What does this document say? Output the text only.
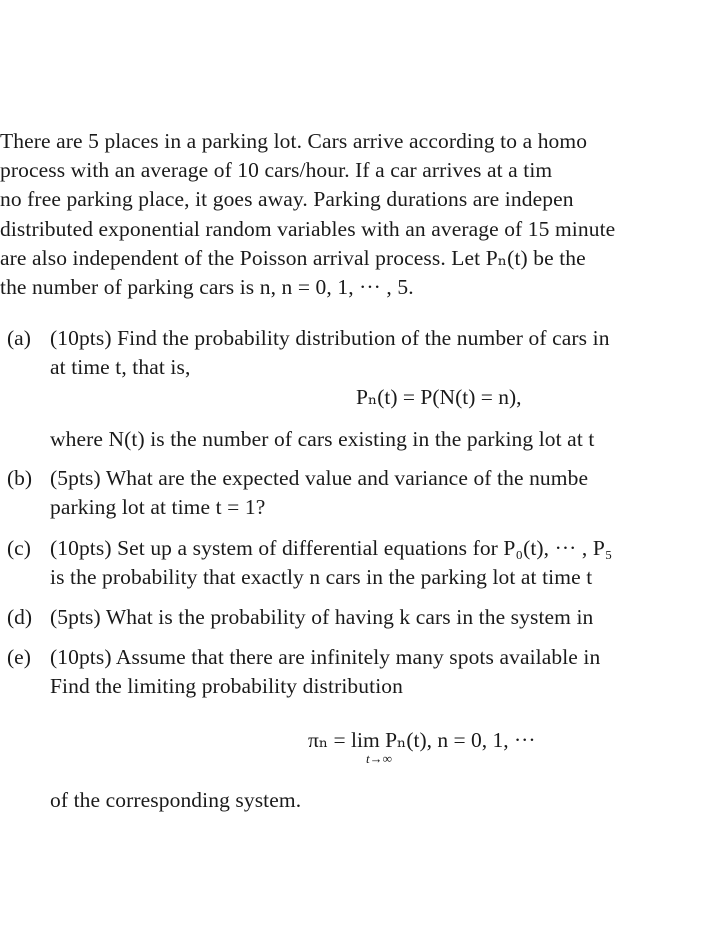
There are 5 places in a parking lot. Cars arrive according to a homo
process with an average of 10 cars/hour. If a car arrives at a tim
no free parking place, it goes away. Parking durations are indepen
distributed exponential random variables with an average of 15 minute
are also independent of the Poisson arrival process. Let Pₙ(t) be the
the number of parking cars is n, n = 0, 1, ··· , 5.
(a) (10pts) Find the probability distribution of the number of cars in
at time t, that is,
Pₙ(t) = P(N(t) = n),
where N(t) is the number of cars existing in the parking lot at t
(b) (5pts) What are the expected value and variance of the numbe
parking lot at time t = 1?
(c) (10pts) Set up a system of differential equations for P₀(t), ··· , P₅
is the probability that exactly n cars in the parking lot at time t
(d) (5pts) What is the probability of having k cars in the system in
(e) (10pts) Assume that there are infinitely many spots available in
Find the limiting probability distribution
πₙ = lim Pₙ(t), n = 0, 1, ···
t→∞
of the corresponding system.
